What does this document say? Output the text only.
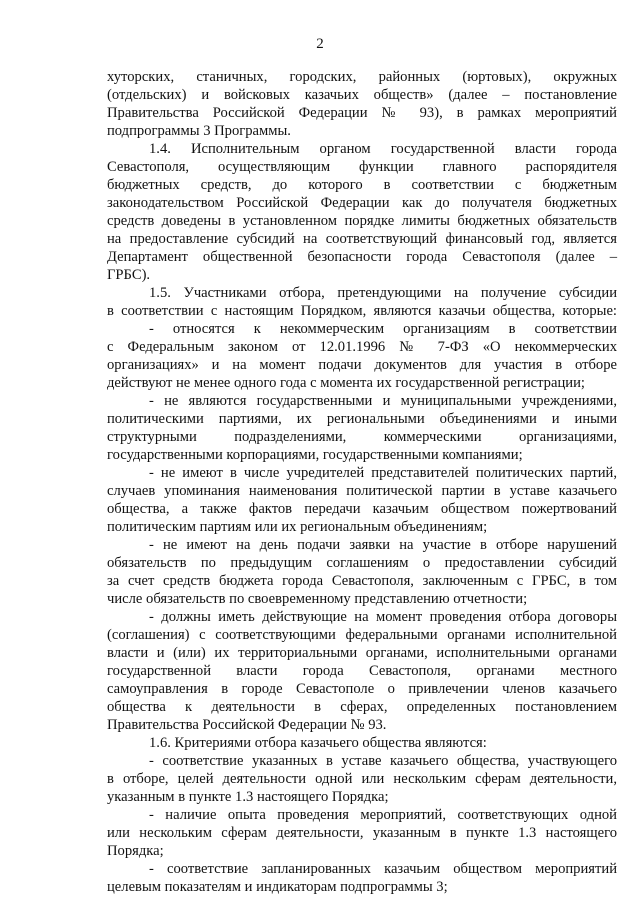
2
хуторских, станичных, городских, районных (юртовых), окружных
(отдельских) и войсковых казачьих обществ» (далее – постановление
Правительства Российской Федерации № 93), в рамках мероприятий
подпрограммы 3 Программы.
1.4. Исполнительным органом государственной власти города
Севастополя, осуществляющим функции главного распорядителя
бюджетных средств, до которого в соответствии с бюджетным
законодательством Российской Федерации как до получателя бюджетных
средств доведены в установленном порядке лимиты бюджетных обязательств
на предоставление субсидий на соответствующий финансовый год, является
Департамент общественной безопасности города Севастополя (далее –
ГРБС).
1.5. Участниками отбора, претендующими на получение субсидии
в соответствии с настоящим Порядком, являются казачьи общества, которые:
- относятся к некоммерческим организациям в соответствии
с Федеральным законом от 12.01.1996 № 7-ФЗ «О некоммерческих
организациях» и на момент подачи документов для участия в отборе
действуют не менее одного года с момента их государственной регистрации;
- не являются государственными и муниципальными учреждениями,
политическими партиями, их региональными объединениями и иными
структурными подразделениями, коммерческими организациями,
государственными корпорациями, государственными компаниями;
- не имеют в числе учредителей представителей политических партий,
случаев упоминания наименования политической партии в уставе казачьего
общества, а также фактов передачи казачьим обществом пожертвований
политическим партиям или их региональным объединениям;
- не имеют на день подачи заявки на участие в отборе нарушений
обязательств по предыдущим соглашениям о предоставлении субсидий
за счет средств бюджета города Севастополя, заключенным с ГРБС, в том
числе обязательств по своевременному представлению отчетности;
- должны иметь действующие на момент проведения отбора договоры
(соглашения) с соответствующими федеральными органами исполнительной
власти и (или) их территориальными органами, исполнительными органами
государственной власти города Севастополя, органами местного
самоуправления в городе Севастополе о привлечении членов казачьего
общества к деятельности в сферах, определенных постановлением
Правительства Российской Федерации № 93.
1.6. Критериями отбора казачьего общества являются:
- соответствие указанных в уставе казачьего общества, участвующего
в отборе, целей деятельности одной или нескольким сферам деятельности,
указанным в пункте 1.3 настоящего Порядка;
- наличие опыта проведения мероприятий, соответствующих одной
или нескольким сферам деятельности, указанным в пункте 1.3 настоящего
Порядка;
- соответствие запланированных казачьим обществом мероприятий
целевым показателям и индикаторам подпрограммы 3;
